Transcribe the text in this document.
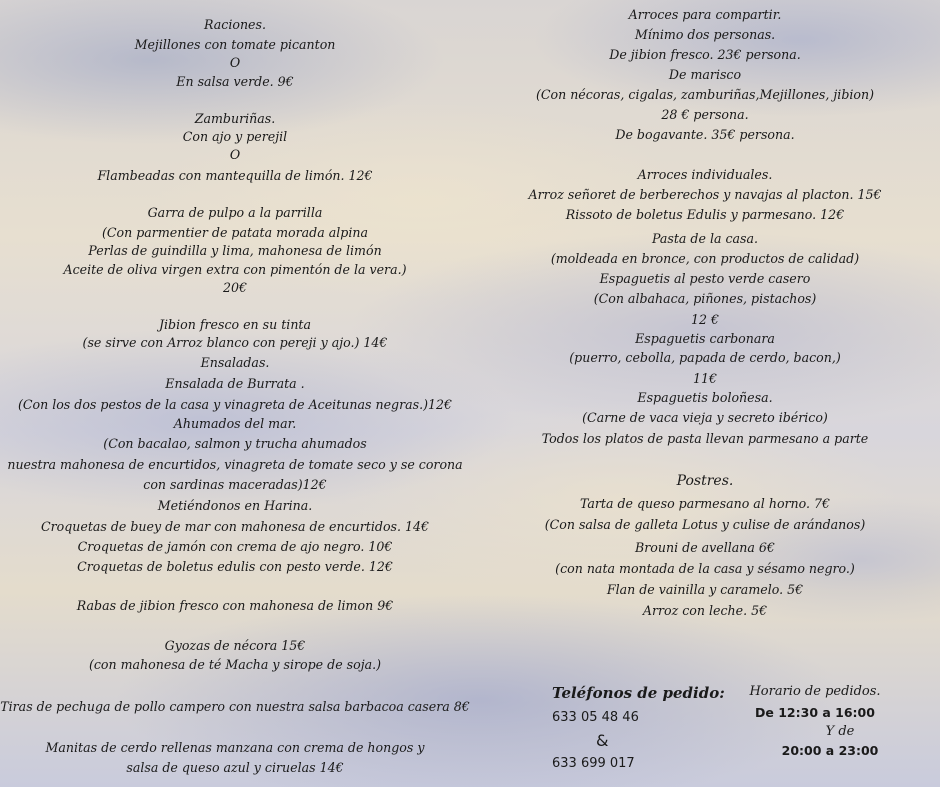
Raciones.
Mejillones con tomate picanton
O
En salsa verde. 9€
Zamburiñas.
Con ajo y perejil
O
Flambeadas con mantequilla de limón. 12€
Garra de pulpo a la parrilla
(Con parmentier de patata morada alpina
Perlas de guindilla y lima, mahonesa de limón
Aceite de oliva virgen extra con pimentón de la vera.)
20€
Jibion fresco en su tinta
(se sirve con Arroz blanco con pereji y ajo.) 14€
Ensaladas.
Ensalada de Burrata .
(Con los dos pestos de la casa y vinagreta de Aceitunas negras.)12€
Ahumados del mar.
(Con bacalao, salmon y trucha ahumados
nuestra mahonesa de encurtidos, vinagreta de tomate seco y se corona
con sardinas maceradas)12€
Metiéndonos en Harina.
Croquetas de buey de mar con mahonesa de encurtidos. 14€
Croquetas de jamón con crema de ajo negro. 10€
Croquetas de boletus edulis con pesto verde. 12€
Rabas de jibion fresco con mahonesa de limon 9€
Gyozas de nécora 15€
(con mahonesa de té Macha y sirope de soja.)
Tiras de pechuga de pollo campero con nuestra salsa barbacoa casera 8€
Manitas de cerdo rellenas manzana con crema de hongos y
salsa de queso azul y ciruelas 14€
Arroces para compartir.
Mínimo dos personas.
De jibion fresco. 23€ persona.
De marisco
(Con nécoras, cigalas, zamburiñas,Mejillones, jibion)
28 € persona.
De bogavante. 35€ persona.
Arroces individuales.
Arroz señoret de berberechos y navajas al placton. 15€
Rissoto de boletus Edulis y parmesano. 12€
Pasta de la casa.
(moldeada en bronce, con productos de calidad)
Espaguetis al pesto verde casero
(Con albahaca, piñones, pistachos)
12 €
Espaguetis carbonara
(puerro, cebolla, papada de cerdo, bacon,)
11€
Espaguetis boloñesa.
(Carne de vaca vieja y secreto ibérico)
Todos los platos de pasta llevan parmesano a parte
Postres.
Tarta de queso parmesano al horno. 7€
(Con salsa de galleta Lotus y culise de arándanos)
Brouni de avellana 6€
(con nata montada de la casa y sésamo negro.)
Flan de vainilla y caramelo. 5€
Arroz con leche. 5€
Teléfonos de pedido:
633 05 48 46
&
633 699 017
Horario de pedidos.
De 12:30 a 16:00
Y de
20:00 a 23:00
